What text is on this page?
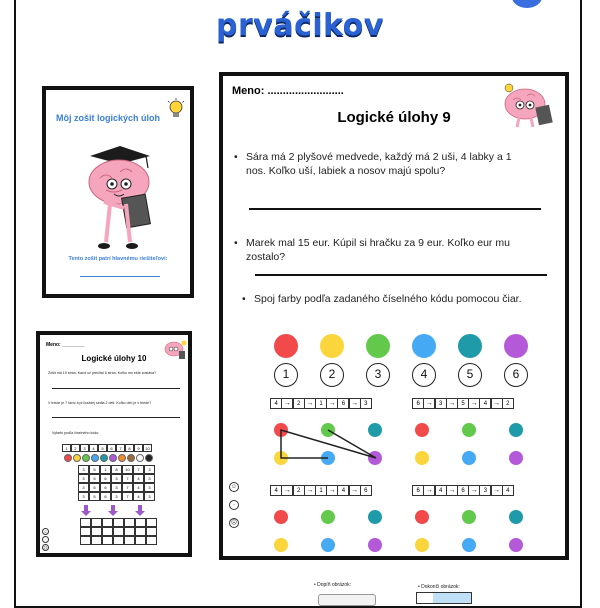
prváčikov
Môj zošit logických úloh
Tento zošit patrí hlavnému riešiteľovi:
Meno: ________
Logické úlohy 10
Zošit má 19 strán. Karol už prečítal 6 strán. Koľko mu ešte zostáva?
V triede je 7 lavíc a pri každej sedia 2 deti. Koľko detí je v triede?
Vyfarbi podľa číselného kódu:
1	2	3	4	5	6	7	8	9	10
3	5	1	8	10	7	3
3	5	6	3	7	4	3
3	5	6	3	7	4	3
3	5	6	3	7	4	3
☺
·
☹
Meno: .........................
Logické úlohy 9
• Sára má 2 plyšové medvede, každý má 2 uši, 4 labky a 1 nos. Koľko uší, labiek a nosov majú spolu?
• Marek mal 15 eur. Kúpil si hračku za 9 eur. Koľko eur mu zostalo?
• Spoj farby podľa zadaného číselného kódu pomocou čiar.
1	2	3	4	5	6
4 →	2 →	1 →	6 →	3	6 →	3 →	5 →	4 →	2
4 →	2 →	1 →	4 →	6	6 →	4 →	6 →	3 →	4
☺
·
☹
• Dopíň obrázok:	• Dokonči obrázok:
